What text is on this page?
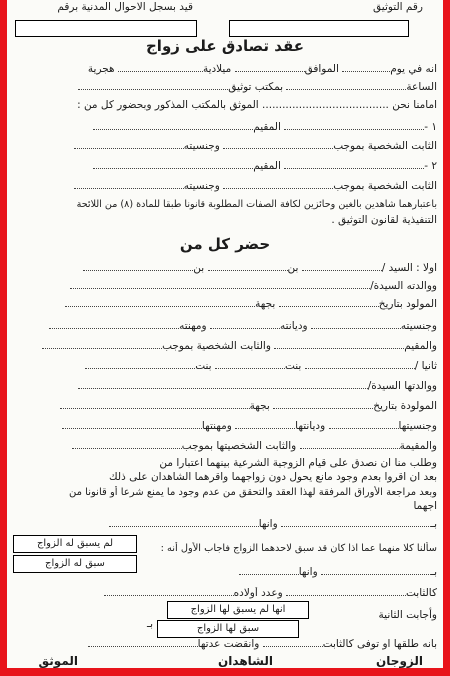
قيد بسجل الاحوال المدنية برقم	رقم التوثيق
عقد تصادق على زواج
انه في يوم الموافق ميلادية هجرية
الساعة بمكتب توثيق
امامنا نحن ...................................... الموثق بالمكتب المذكور وبحضور كل من :
١ - المقيم
الثابت الشخصية بموجب وجنسيته
٢ - المقيم
الثابت الشخصية بموجب وجنسيته
باعتبارهما شاهدين بالغين وحائزين لكافة الصفات المطلوبة قانونا طبقا للمادة (٨) من اللائحة
التنفيذية لقانون التوثيق .
حضر كل من
اولا : السيد / بن بن
ووالدته السيدة/
المولود بتاريخ بجهة
وجنسيته وديانته ومهنته
والمقيم والثابت الشخصية بموجب
ثانيا / بنت بنت
ووالدتها السيدة/
المولودة بتاريخ بجهة
وجنسيتها وديانتها ومهنتها
والمقيمة والثابت الشخصيتها بموجب
وطلب منا ان نصدق على قيام الزوجية الشرعية بينهما اعتبارا من
بعد ان اقروا بعدم وجود مانع يحول دون زواجهما واقرهما الشاهدان على ذلك
وبعد مراجعة الأوراق المرفقة لهذا العقد والتحقق من عدم وجود ما يمنع شرعا أو قانونا من
اجهما
بـ وانها
سألنا كلا منهما عما اذا كان قد سبق لاحدهما الزواج فاجاب الأول أنه :
لم يسبق له الزواج
سبق له الزواج
بـ وانها
كالثابت وعدد أولاده
وأجابت الثانية
انها لم يسبق لها الزواج
بـ	سبق لها الزواج
بانه طلقها او توفى كالثابت وانقضت عدتها
الزوجان
الشاهدان
الموثق
